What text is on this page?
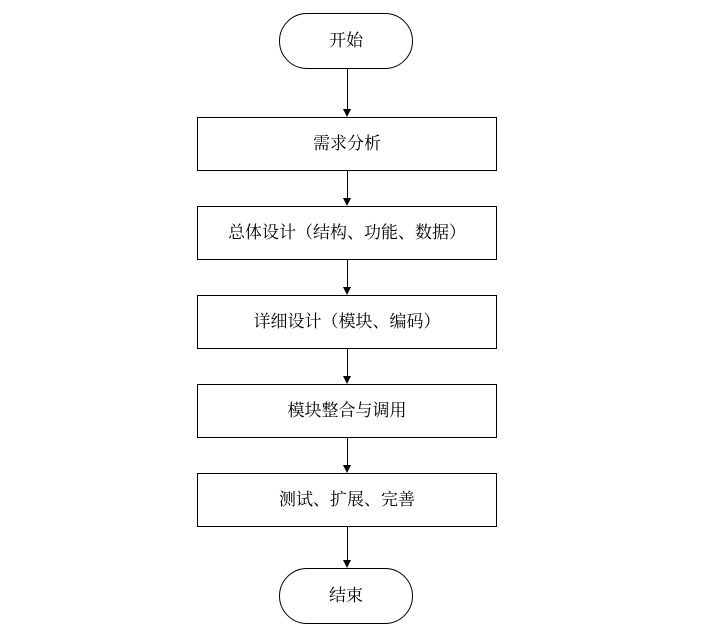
开始
需求分析
总体设计（结构、功能、数据）
详细设计（模块、编码）
模块整合与调用
测试、扩展、完善
结束
